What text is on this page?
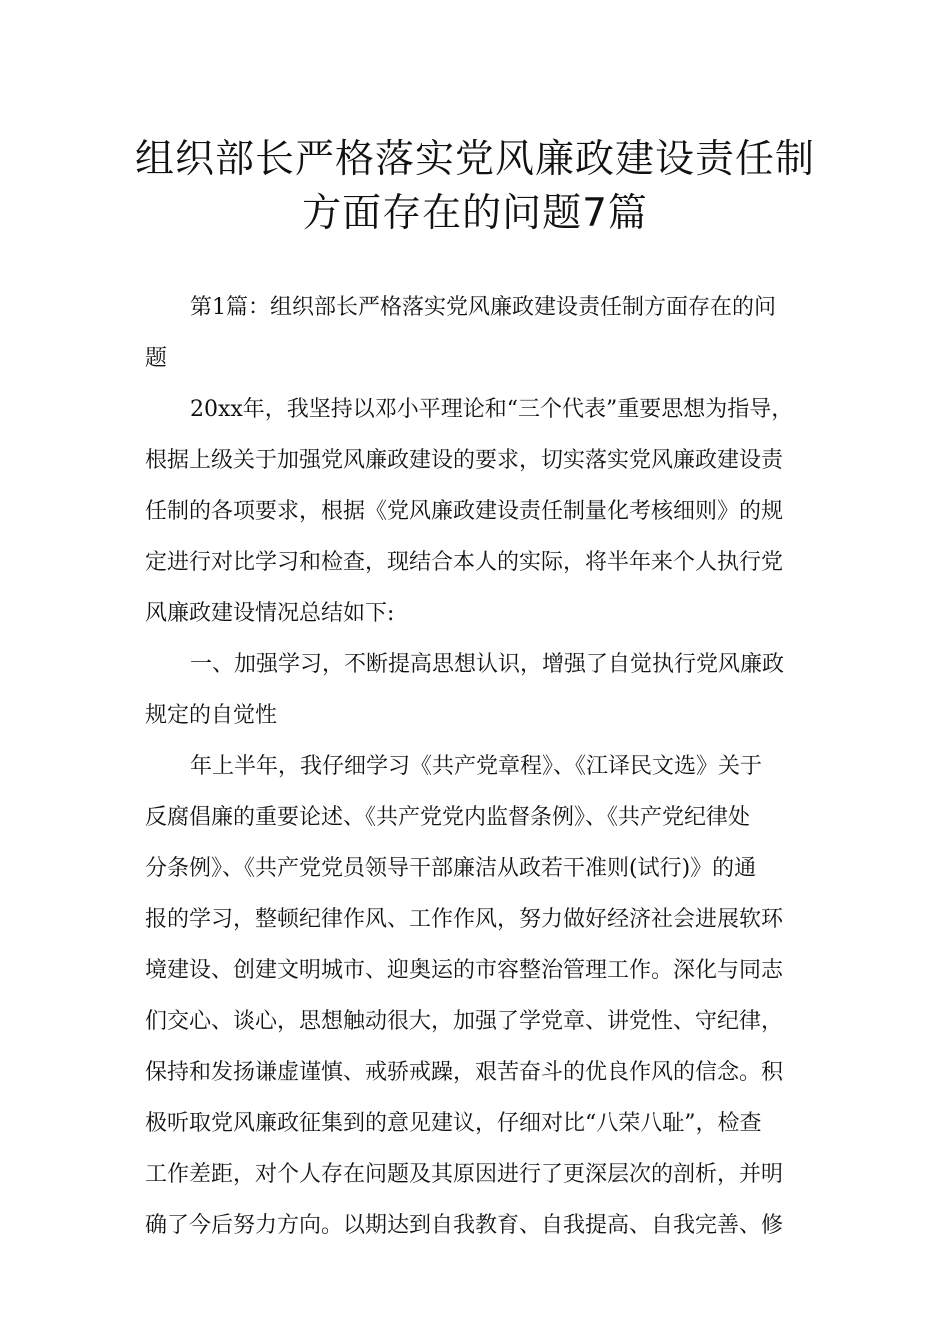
组织部长严格落实党风廉政建设责任制
方面存在的问题7篇
第1篇：组织部长严格落实党风廉政建设责任制方面存在的问
题
20xx年，我坚持以邓小平理论和“三个代表”重要思想为指导，
根据上级关于加强党风廉政建设的要求，切实落实党风廉政建设责
任制的各项要求，根据《党风廉政建设责任制量化考核细则》的规
定进行对比学习和检查，现结合本人的实际，将半年来个人执行党
风廉政建设情况总结如下:
一、加强学习，不断提高思想认识，增强了自觉执行党风廉政
规定的自觉性
年上半年，我仔细学习《共产党章程》、《江译民文选》关于
反腐倡廉的重要论述、《共产党党内监督条例》、《共产党纪律处
分条例》、《共产党党员领导干部廉洁从政若干准则(试行)》的通
报的学习，整顿纪律作风、工作作风，努力做好经济社会进展软环
境建设、创建文明城市、迎奥运的市容整治管理工作。深化与同志
们交心、谈心，思想触动很大，加强了学党章、讲党性、守纪律，
保持和发扬谦虚谨慎、戒骄戒躁，艰苦奋斗的优良作风的信念。积
极听取党风廉政征集到的意见建议，仔细对比“八荣八耻”，检查
工作差距，对个人存在问题及其原因进行了更深层次的剖析，并明
确了今后努力方向。以期达到自我教育、自我提高、自我完善、修
